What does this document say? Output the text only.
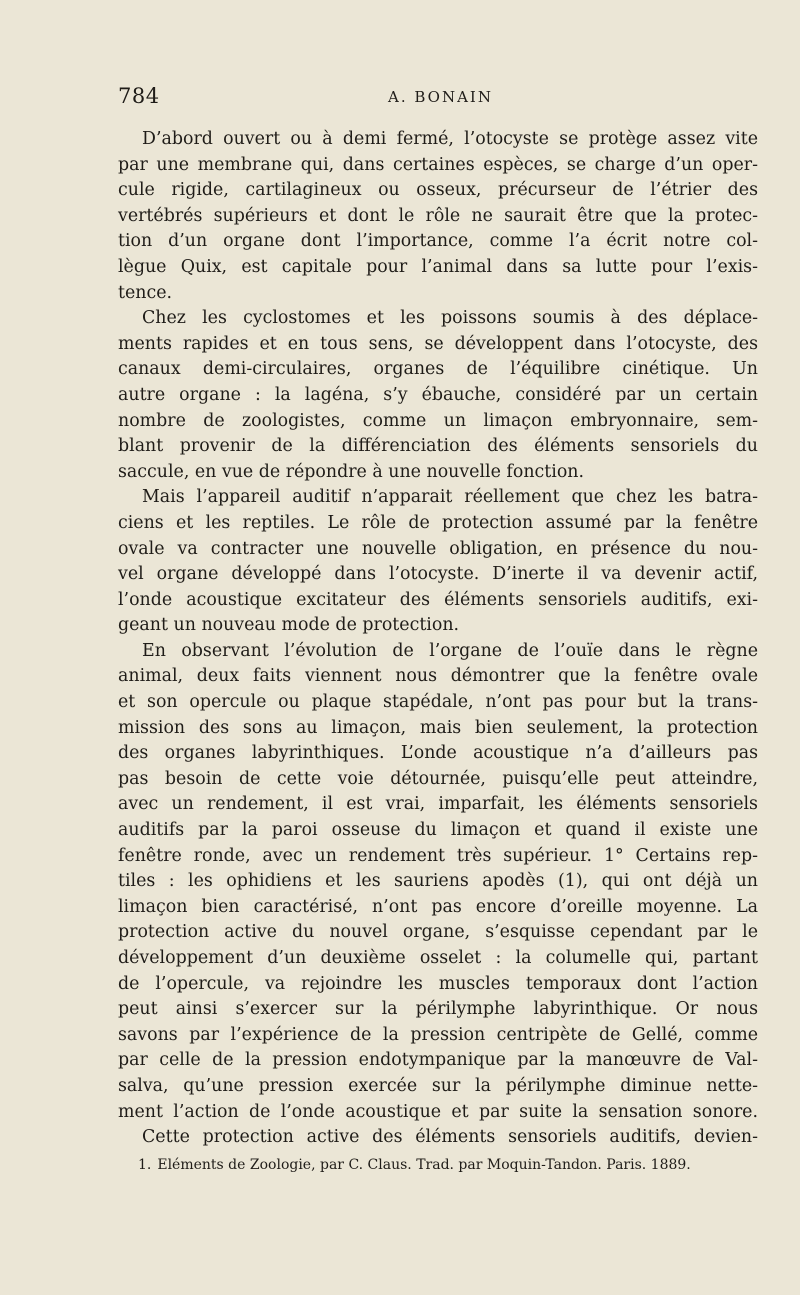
784	A. BONAIN
D’abord ouvert ou à demi fermé, l’otocyste se protège assez vite
par une membrane qui, dans certaines espèces, se charge d’un oper-
cule rigide, cartilagineux ou osseux, précurseur de l’étrier des
vertébrés supérieurs et dont le rôle ne saurait être que la protec-
tion d’un organe dont l’importance, comme l’a écrit notre col-
lègue Quix, est capitale pour l’animal dans sa lutte pour l’exis-
tence.
Chez les cyclostomes et les poissons soumis à des déplace-
ments rapides et en tous sens, se développent dans l’otocyste, des
canaux demi-circulaires, organes de l’équilibre cinétique. Un
autre organe : la lagéna, s’y ébauche, considéré par un certain
nombre de zoologistes, comme un limaçon embryonnaire, sem-
blant provenir de la différenciation des éléments sensoriels du
saccule, en vue de répondre à une nouvelle fonction.
Mais l’appareil auditif n’apparait réellement que chez les batra-
ciens et les reptiles. Le rôle de protection assumé par la fenêtre
ovale va contracter une nouvelle obligation, en présence du nou-
vel organe développé dans l’otocyste. D’inerte il va devenir actif,
l’onde acoustique excitateur des éléments sensoriels auditifs, exi-
geant un nouveau mode de protection.
En observant l’évolution de l’organe de l’ouïe dans le règne
animal, deux faits viennent nous démontrer que la fenêtre ovale
et son opercule ou plaque stapédale, n’ont pas pour but la trans-
mission des sons au limaçon, mais bien seulement, la protection
des organes labyrinthiques. L’onde acoustique n’a d’ailleurs pas
pas besoin de cette voie détournée, puisqu’elle peut atteindre,
avec un rendement, il est vrai, imparfait, les éléments sensoriels
auditifs par la paroi osseuse du limaçon et quand il existe une
fenêtre ronde, avec un rendement très supérieur. 1° Certains rep-
tiles : les ophidiens et les sauriens apodès (1), qui ont déjà un
limaçon bien caractérisé, n’ont pas encore d’oreille moyenne. La
protection active du nouvel organe, s’esquisse cependant par le
développement d’un deuxième osselet : la columelle qui, partant
de l’opercule, va rejoindre les muscles temporaux dont l’action
peut ainsi s’exercer sur la périlymphe labyrinthique. Or nous
savons par l’expérience de la pression centripète de Gellé, comme
par celle de la pression endotympanique par la manœuvre de Val-
salva, qu’une pression exercée sur la périlymphe diminue nette-
ment l’action de l’onde acoustique et par suite la sensation sonore.
Cette protection active des éléments sensoriels auditifs, devien-
1. Eléments de Zoologie, par C. Claus. Trad. par Moquin-Tandon. Paris. 1889.
